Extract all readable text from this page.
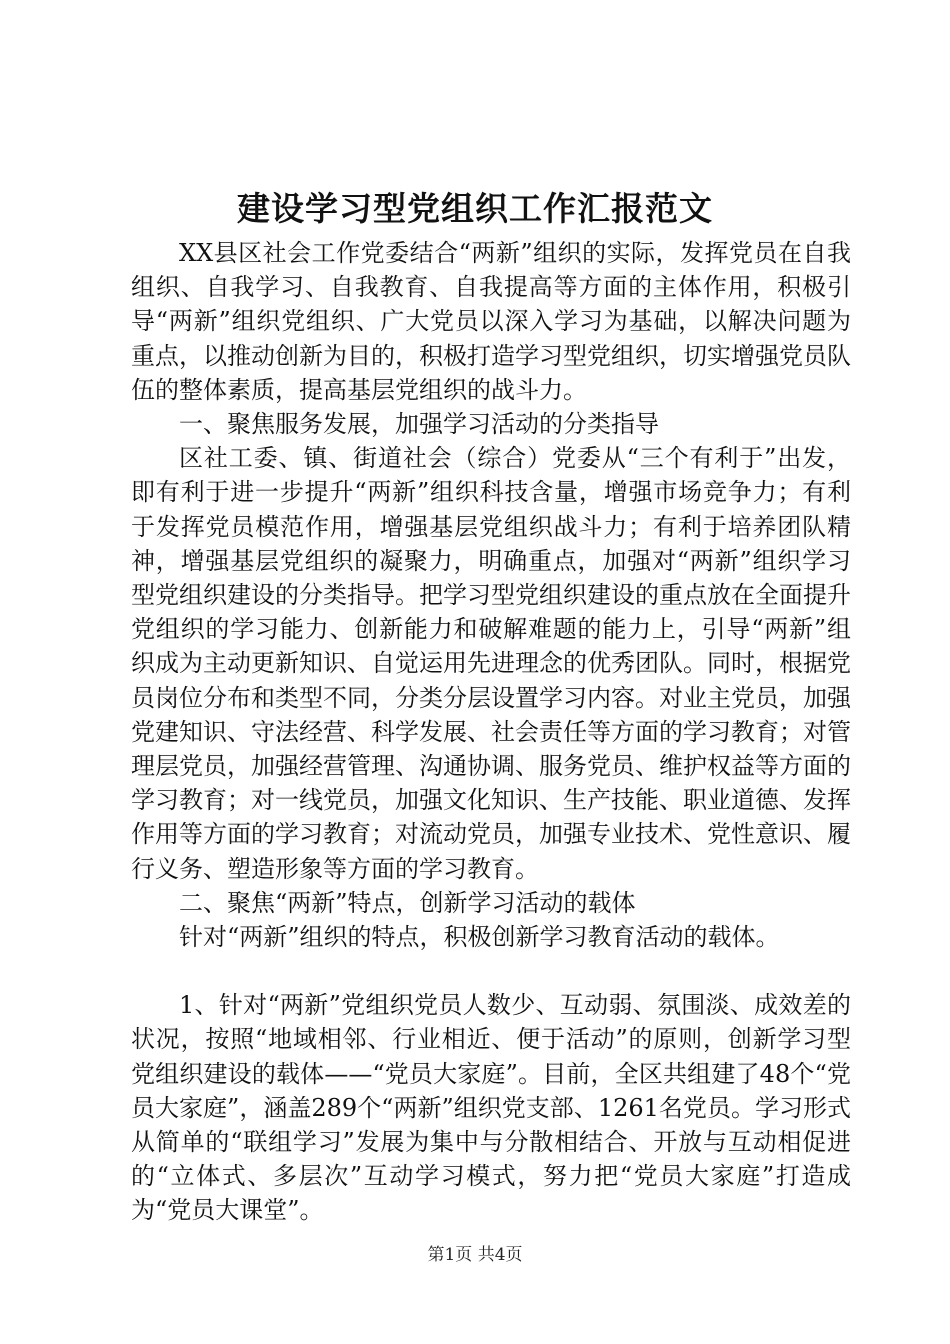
建设学习型党组织工作汇报范文

XX县区社会工作党委结合“两新”组织的实际，发挥党员在自我组织、自我学习、自我教育、自我提高等方面的主体作用，积极引导“两新”组织党组织、广大党员以深入学习为基础，以解决问题为重点，以推动创新为目的，积极打造学习型党组织，切实增强党员队伍的整体素质，提高基层党组织的战斗力。

一、聚焦服务发展，加强学习活动的分类指导

区社工委、镇、街道社会（综合）党委从“三个有利于”出发，即有利于进一步提升“两新”组织科技含量，增强市场竞争力；有利于发挥党员模范作用，增强基层党组织战斗力；有利于培养团队精神，增强基层党组织的凝聚力，明确重点，加强对“两新”组织学习型党组织建设的分类指导。把学习型党组织建设的重点放在全面提升党组织的学习能力、创新能力和破解难题的能力上，引导“两新”组织成为主动更新知识、自觉运用先进理念的优秀团队。同时，根据党员岗位分布和类型不同，分类分层设置学习内容。对业主党员，加强党建知识、守法经营、科学发展、社会责任等方面的学习教育；对管理层党员，加强经营管理、沟通协调、服务党员、维护权益等方面的学习教育；对一线党员，加强文化知识、生产技能、职业道德、发挥作用等方面的学习教育；对流动党员，加强专业技术、党性意识、履行义务、塑造形象等方面的学习教育。

二、聚焦“两新”特点，创新学习活动的载体

针对“两新”组织的特点，积极创新学习教育活动的载体。

1、针对“两新”党组织党员人数少、互动弱、氛围淡、成效差的状况，按照“地域相邻、行业相近、便于活动”的原则，创新学习型党组织建设的载体——“党员大家庭”。目前，全区共组建了48个“党员大家庭”，涵盖289个“两新”组织党支部、1261名党员。学习形式从简单的“联组学习”发展为集中与分散相结合、开放与互动相促进的“立体式、多层次”互动学习模式，努力把“党员大家庭”打造成为“党员大课堂”。

第1页 共4页
